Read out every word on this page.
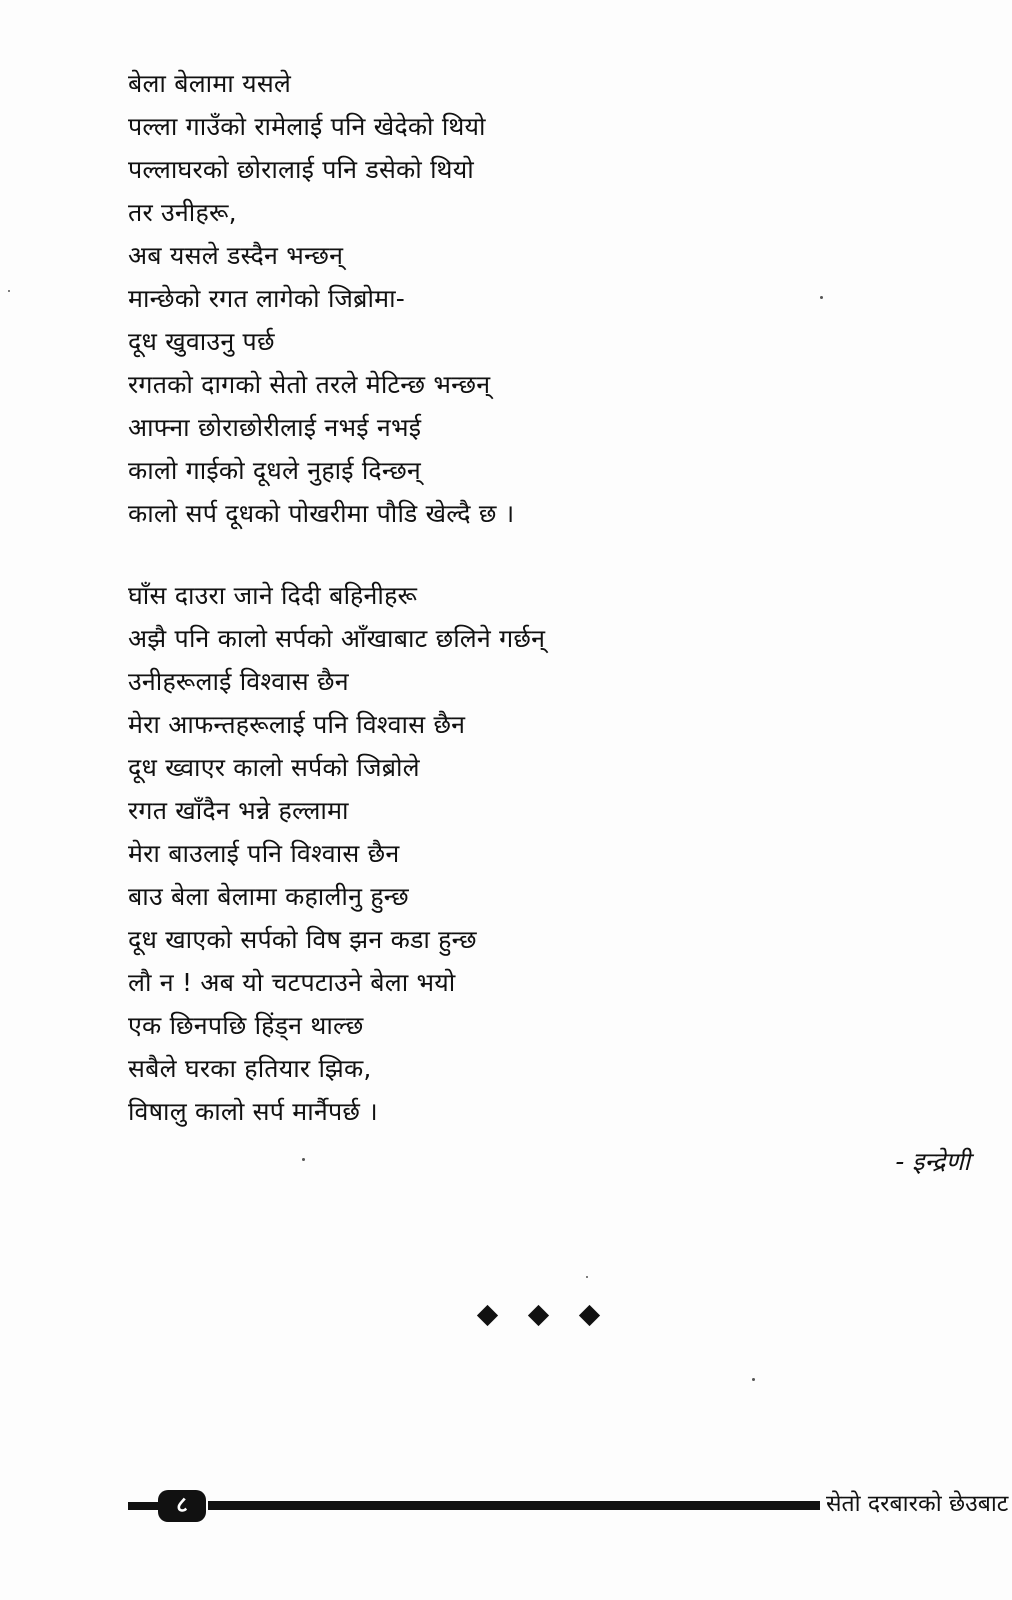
बेला बेलामा यसले
पल्ला गाउँको रामेलाई पनि खेदेको थियो
पल्लाघरको छोरालाई पनि डसेको थियो
तर उनीहरू,
अब यसले डस्दैन भन्छन्
मान्छेको रगत लागेको जिब्रोमा-
दूध खुवाउनु पर्छ
रगतको दागको सेतो तरले मेटिन्छ भन्छन्
आफ्ना छोराछोरीलाई नभई नभई
कालो गाईको दूधले नुहाई दिन्छन्
कालो सर्प दूधको पोखरीमा पौडि खेल्दै छ ।
घाँस दाउरा जाने दिदी बहिनीहरू
अझै पनि कालो सर्पको आँखाबाट छलिने गर्छन्
उनीहरूलाई विश्वास छैन
मेरा आफन्तहरूलाई पनि विश्वास छैन
दूध ख्वाएर कालो सर्पको जिब्रोले
रगत खाँदैन भन्ने हल्लामा
मेरा बाउलाई पनि विश्वास छैन
बाउ बेला बेलामा कहालीनु हुन्छ
दूध खाएको सर्पको विष झन कडा हुन्छ
लौ न ! अब यो चटपटाउने बेला भयो
एक छिनपछि हिंड्न थाल्छ
सबैले घरका हतियार झिक,
विषालु कालो सर्प मार्नैपर्छ ।
- इन्द्रेणी
८	सेतो दरबारको छेउबाट
